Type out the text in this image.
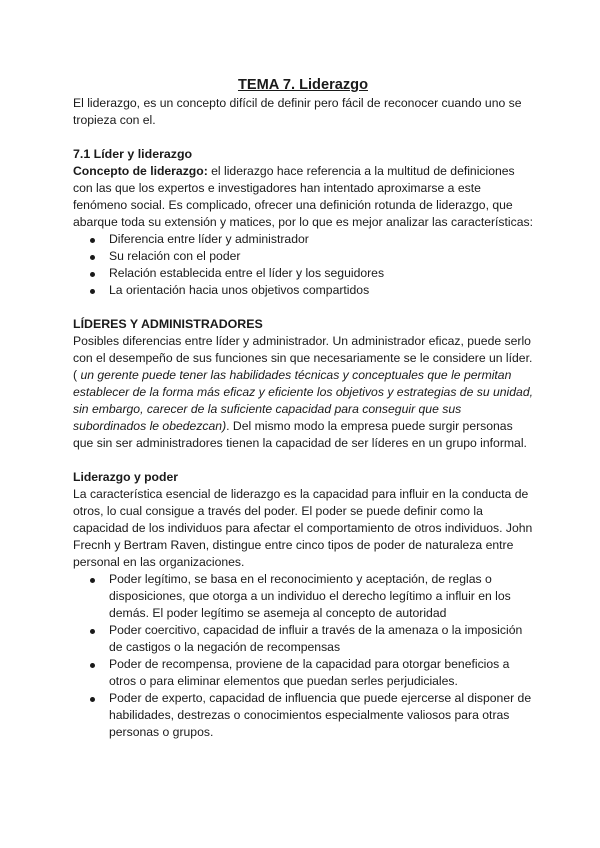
TEMA 7. Liderazgo

El liderazgo, es un concepto difícil de definir pero fácil de reconocer cuando uno se tropieza con el.

7.1 Líder y liderazgo

Concepto de liderazgo: el liderazgo hace referencia a la multitud de definiciones con las que los expertos e investigadores han intentado aproximarse a este fenómeno social. Es complicado, ofrecer una definición rotunda de liderazgo, que abarque toda su extensión y matices, por lo que es mejor analizar las características:

Diferencia entre líder y administrador
Su relación con el poder
Relación establecida entre el líder y los seguidores
La orientación hacia unos objetivos compartidos

LÍDERES Y ADMINISTRADORES

Posibles diferencias entre líder y administrador. Un administrador eficaz, puede serlo con el desempeño de sus funciones sin que necesariamente se le considere un líder. ( un gerente puede tener las habilidades técnicas y conceptuales que le permitan establecer de la forma más eficaz y eficiente los objetivos y estrategias de su unidad, sin embargo, carecer de la suficiente capacidad para conseguir que sus subordinados le obedezcan). Del mismo modo la empresa puede surgir personas que sin ser administradores tienen la capacidad de ser líderes en un grupo informal.

Liderazgo y poder

La característica esencial de liderazgo es la capacidad para influir en la conducta de otros, lo cual consigue a través del poder. El poder se puede definir como la capacidad de los individuos para afectar el comportamiento de otros individuos. John Frecnh y Bertram Raven, distingue entre cinco tipos de poder de naturaleza entre personal en las organizaciones.

Poder legítimo, se basa en el reconocimiento y aceptación, de reglas o disposiciones, que otorga a un individuo el derecho legítimo a influir en los demás. El poder legítimo se asemeja al concepto de autoridad
Poder coercitivo, capacidad de influir a través de la amenaza o la imposición de castigos o la negación de recompensas
Poder de recompensa, proviene de la capacidad para otorgar beneficios a otros o para eliminar elementos que puedan serles perjudiciales.
Poder de experto, capacidad de influencia que puede ejercerse al disponer de habilidades, destrezas o conocimientos especialmente valiosos para otras personas o grupos.
